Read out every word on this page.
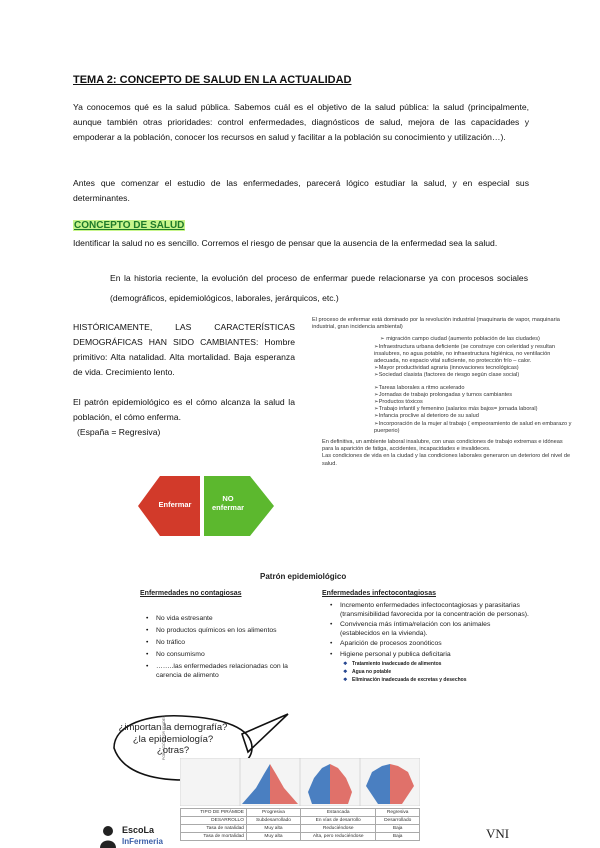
TEMA 2: CONCEPTO DE SALUD EN LA ACTUALIDAD
Ya conocemos qué es la salud pública. Sabemos cuál es el objetivo de la salud pública: la salud (principalmente, aunque también otras prioridades: control enfermedades, diagnósticos de salud, mejora de las capacidades y empoderar a la población, conocer los recursos en salud y facilitar a la población su conocimiento y utilización…).
Antes que comenzar el estudio de las enfermedades, parecerá lógico estudiar la salud, y en especial sus determinantes.
CONCEPTO DE SALUD
Identificar la salud no es sencillo. Corremos el riesgo de pensar que la ausencia de la enfermedad sea la salud.
En la historia reciente, la evolución del proceso de enfermar puede relacionarse ya con procesos sociales (demográficos, epidemiológicos, laborales, jerárquicos, etc.)
HISTÓRICAMENTE, LAS CARACTERÍSTICAS DEMOGRÁFICAS HAN SIDO CAMBIANTES: Hombre primitivo: Alta natalidad. Alta mortalidad. Baja esperanza de vida. Crecimiento lento.
El patrón epidemiológico es el cómo alcanza la salud la población, el cómo enferma.
(España = Regresiva)
Enfermar
NO enfermar
El proceso de enfermar está dominado por la revolución industrial (maquinaria de vapor, maquinaria industrial, gran incidencia ambiental)
➢ migración campo ciudad (aumento población de las ciudades)
➢Infraestructura urbana deficiente (se construye con celeridad y resultan insalubres, no agua potable, no infraestructura higiénica, no ventilación adecuada, no espacio vital suficiente, no protección frío – calor.
➢Mayor productividad agraria (innovaciones tecnológicas)
➢Sociedad clasista (factores de riesgo según clase social)
➢Tareas laborales a ritmo acelerado
➢Jornadas de trabajo prolongadas y turnos cambiantes
➢Productos tóxicos
➢Trabajo infantil y femenino (salarios más bajos= jornada laboral)
➢Infancia proclive al deterioro de su salud
➢Incorporación de la mujer al trabajo ( empeoramiento de salud en embarazo y puerperio)
En definitiva, un ambiente laboral insalubre, con unas condiciones de trabajo extremas e idóneas para la aparición de fatiga, accidentes, incapacidades e invalideces.
Las condiciones de vida en la ciudad y las condiciones laborales generaron un deterioro del nivel de salud.
Patrón epidemiológico
Enfermedades no contagiosas
• No vida estresante
• No productos químicos en los alimentos
• No tráfico
• No consumismo
• ……..las enfermedades relacionadas con la carencia de alimento
Enfermedades infectocontagiosas
• Incremento enfermedades infectocontagiosas y parasitarias (transmisibilidad favorecida por la concentración de personas).
• Convivencia más íntima/relación con los animales (establecidos en la vivienda).
• Aparición de procesos zoonóticos
• Higiene personal y publica deficitaria
❖ Tratamiento inadecuado de alimentos
❖ Agua no potable
❖ Eliminación inadecuada de excretas y desechos
¿importan la demografía? ¿la epidemiología? ¿otras?
POBLACIÓN POR EDADES
TIPO DE PIRÁMIDE	Progresiva	Estancada	Regresiva
DESARROLLO	Subdesarrollado	En vías de desarrollo	Desarrollado
Tasa de natalidad	Muy alta	Reduciéndose	Baja
Tasa de mortalidad	Muy alta	Alta, pero reduciéndose	Baja
EscoLa
InFermeria
VNI
